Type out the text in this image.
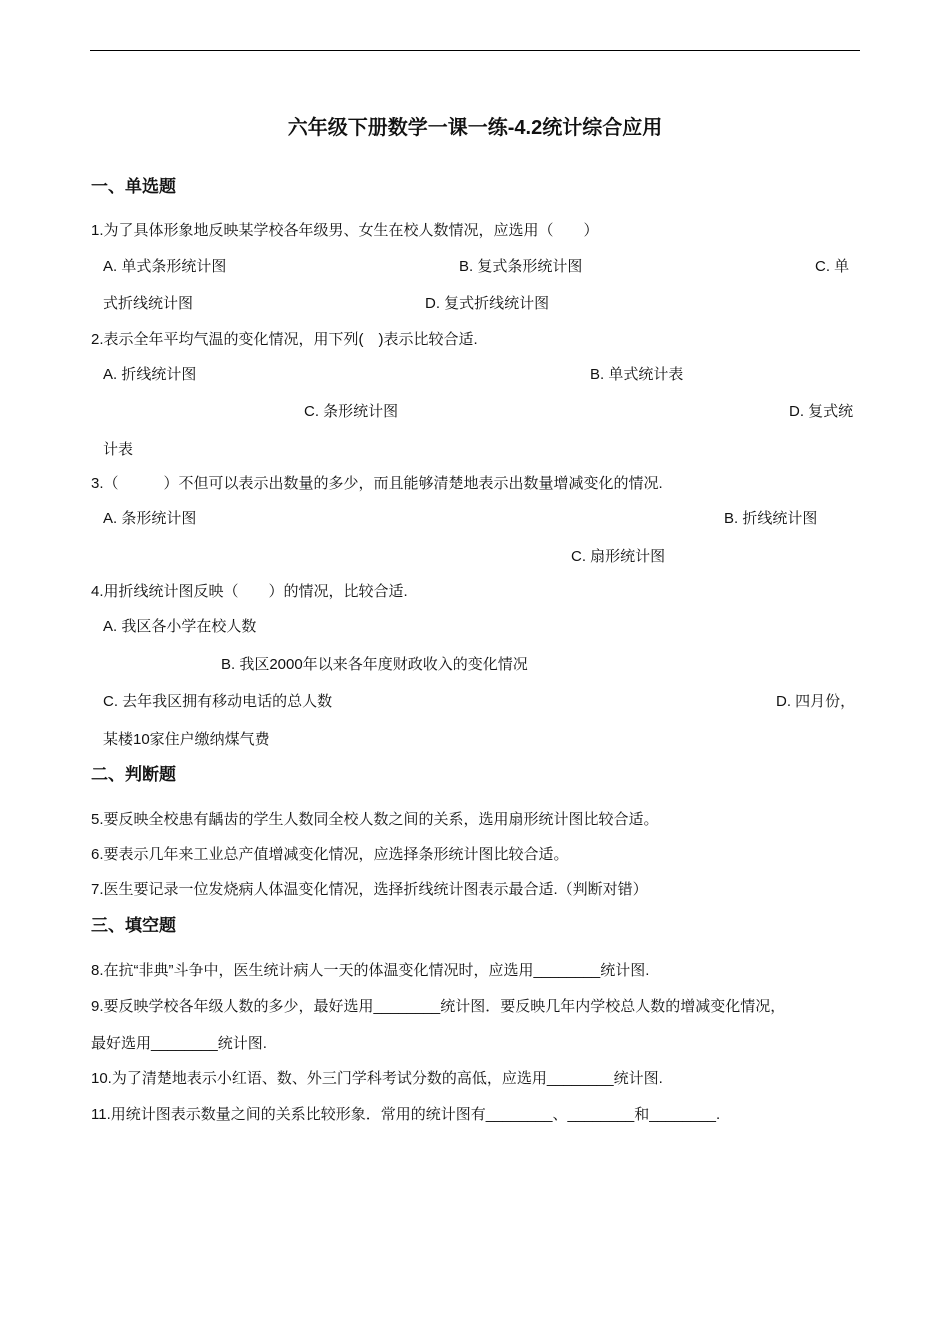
六年级下册数学一课一练-4.2统计综合应用
一、单选题
1.为了具体形象地反映某学校各年级男、女生在校人数情况，应选用（　　）
A. 单式条形统计图	B. 复式条形统计图	C. 单
式折线统计图	D. 复式折线统计图
2.表示全年平均气温的变化情况，用下列(　)表示比较合适.
A. 折线统计图	B. 单式统计表
C. 条形统计图	D. 复式统
计表
3.（　　　）不但可以表示出数量的多少，而且能够清楚地表示出数量增减变化的情况.
A. 条形统计图	B. 折线统计图
C. 扇形统计图
4.用折线统计图反映（　　）的情况，比较合适.
A. 我区各小学在校人数
B. 我区2000年以来各年度财政收入的变化情况
C. 去年我区拥有移动电话的总人数	D. 四月份，
某楼10家住户缴纳煤气费
二、判断题
5.要反映全校患有龋齿的学生人数同全校人数之间的关系，选用扇形统计图比较合适。
6.要表示几年来工业总产值增减变化情况，应选择条形统计图比较合适。
7.医生要记录一位发烧病人体温变化情况，选择折线统计图表示最合适.（判断对错）
三、填空题
8.在抗“非典”斗争中，医生统计病人一天的体温变化情况时，应选用________统计图.
9.要反映学校各年级人数的多少，最好选用________统计图．要反映几年内学校总人数的增减变化情况，
最好选用________统计图.
10.为了清楚地表示小红语、数、外三门学科考试分数的高低，应选用________统计图.
11.用统计图表示数量之间的关系比较形象．常用的统计图有________、________和________.
